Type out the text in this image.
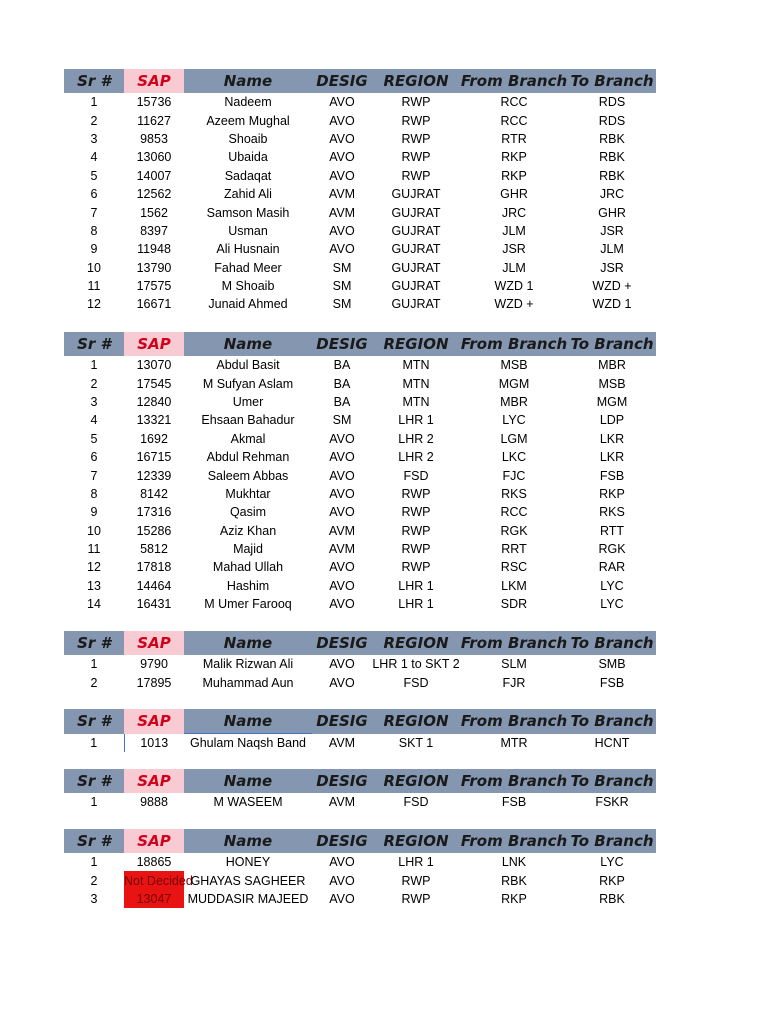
Sr #	SAP	Name	DESIG	REGION	From Branch	To Branch
1	15736	Nadeem	AVO	RWP	RCC	RDS
2	11627	Azeem Mughal	AVO	RWP	RCC	RDS
3	9853	Shoaib	AVO	RWP	RTR	RBK
4	13060	Ubaida	AVO	RWP	RKP	RBK
5	14007	Sadaqat	AVO	RWP	RKP	RBK
6	12562	Zahid Ali	AVM	GUJRAT	GHR	JRC
7	1562	Samson Masih	AVM	GUJRAT	JRC	GHR
8	8397	Usman	AVO	GUJRAT	JLM	JSR
9	11948	Ali Husnain	AVO	GUJRAT	JSR	JLM
10	13790	Fahad Meer	SM	GUJRAT	JLM	JSR
11	17575	M Shoaib	SM	GUJRAT	WZD 1	WZD +
12	16671	Junaid Ahmed	SM	GUJRAT	WZD +	WZD 1
Sr #	SAP	Name	DESIG	REGION	From Branch	To Branch
1	13070	Abdul Basit	BA	MTN	MSB	MBR
2	17545	M Sufyan Aslam	BA	MTN	MGM	MSB
3	12840	Umer	BA	MTN	MBR	MGM
4	13321	Ehsaan Bahadur	SM	LHR 1	LYC	LDP
5	1692	Akmal	AVO	LHR 2	LGM	LKR
6	16715	Abdul Rehman	AVO	LHR 2	LKC	LKR
7	12339	Saleem Abbas	AVO	FSD	FJC	FSB
8	8142	Mukhtar	AVO	RWP	RKS	RKP
9	17316	Qasim	AVO	RWP	RCC	RKS
10	15286	Aziz Khan	AVM	RWP	RGK	RTT
11	5812	Majid	AVM	RWP	RRT	RGK
12	17818	Mahad Ullah	AVO	RWP	RSC	RAR
13	14464	Hashim	AVO	LHR 1	LKM	LYC
14	16431	M Umer Farooq	AVO	LHR 1	SDR	LYC
Sr #	SAP	Name	DESIG	REGION	From Branch	To Branch
1	9790	Malik Rizwan Ali	AVO	LHR 1 to SKT 2	SLM	SMB
2	17895	Muhammad Aun	AVO	FSD	FJR	FSB
Sr #	SAP	Name	DESIG	REGION	From Branch	To Branch
1	1013	Ghulam Naqsh Band	AVM	SKT 1	MTR	HCNT
Sr #	SAP	Name	DESIG	REGION	From Branch	To Branch
1	9888	M WASEEM	AVM	FSD	FSB	FSKR
Sr #	SAP	Name	DESIG	REGION	From Branch	To Branch
1	18865	HONEY	AVO	LHR 1	LNK	LYC
2	Not Decided	GHAYAS SAGHEER	AVO	RWP	RBK	RKP
3	13047	MUDDASIR MAJEED	AVO	RWP	RKP	RBK
